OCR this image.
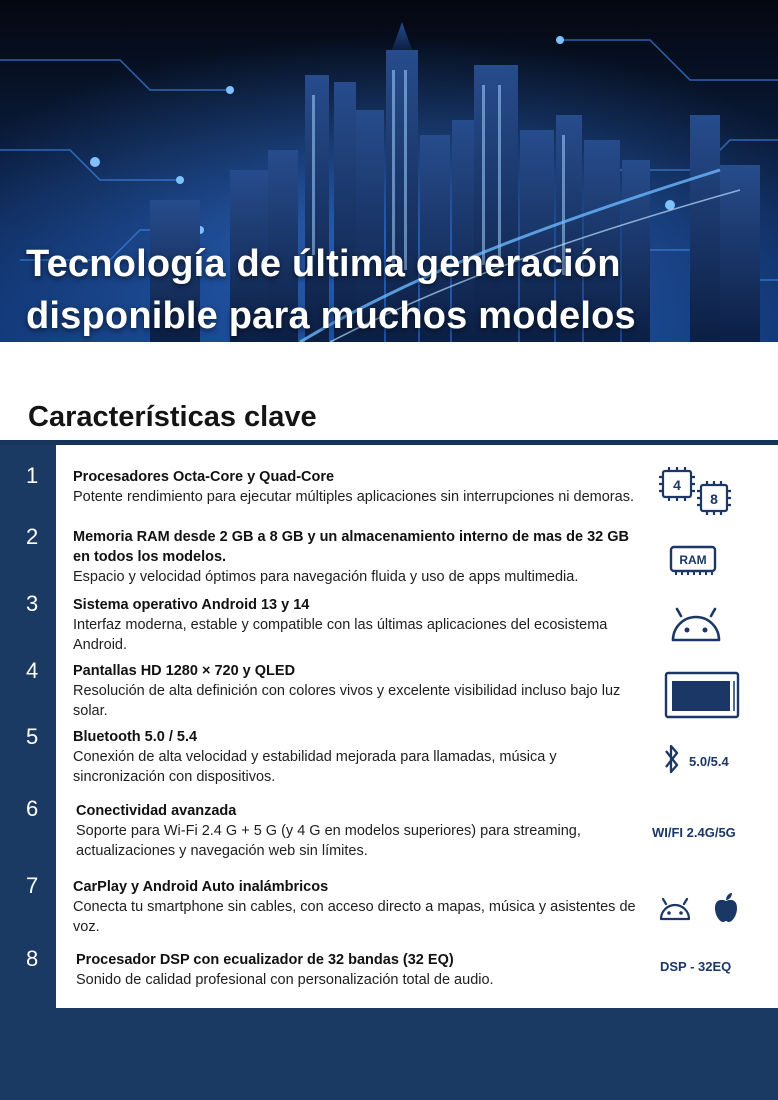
Tecnología de última generación
disponible para muchos modelos
Características clave
1
2
3
4
5
6
7
8
Procesadores Octa-Core y Quad-Core
Potente rendimiento para ejecutar múltiples aplicaciones sin interrupciones ni demoras.
Memoria RAM desde 2 GB a 8 GB y un almacenamiento interno de mas de 32 GB en todos los modelos.
Espacio y velocidad óptimos para navegación fluida y uso de apps multimedia.
Sistema operativo Android 13 y 14
Interfaz moderna, estable y compatible con las últimas aplicaciones del ecosistema Android.
Pantallas HD 1280 × 720 y QLED
Resolución de alta definición con colores vivos y excelente visibilidad incluso bajo luz solar.
Bluetooth 5.0 / 5.4
Conexión de alta velocidad y estabilidad mejorada para llamadas, música y sincronización con dispositivos.
Conectividad avanzada
Soporte para Wi-Fi 2.4 G + 5 G (y 4 G en modelos superiores) para streaming, actualizaciones y navegación web sin límites.
CarPlay y Android Auto inalámbricos
Conecta tu smartphone sin cables, con acceso directo a mapas, música y asistentes de voz.
Procesador DSP con ecualizador de 32 bandas (32 EQ)
Sonido de calidad profesional con personalización total de audio.
4
8
RAM
5.0/5.4
WI/FI 2.4G/5G
DSP - 32EQ
